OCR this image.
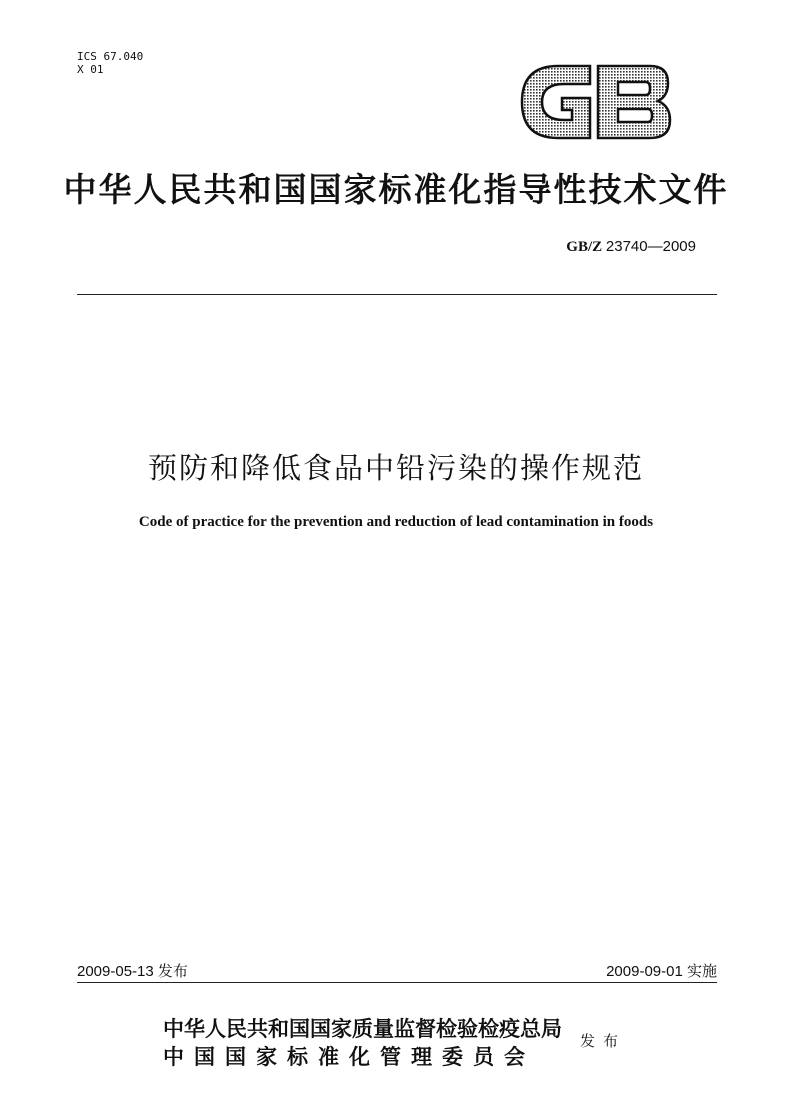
ICS 67.040
X 01
中华人民共和国国家标准化指导性技术文件
GB/Z 23740—2009
预防和降低食品中铅污染的操作规范
Code of practice for the prevention and reduction of lead contamination in foods
2009-05-13 发布	2009-09-01 实施
中华人民共和国国家质量监督检验检疫总局
中国国家标准化管理委员会
发布
